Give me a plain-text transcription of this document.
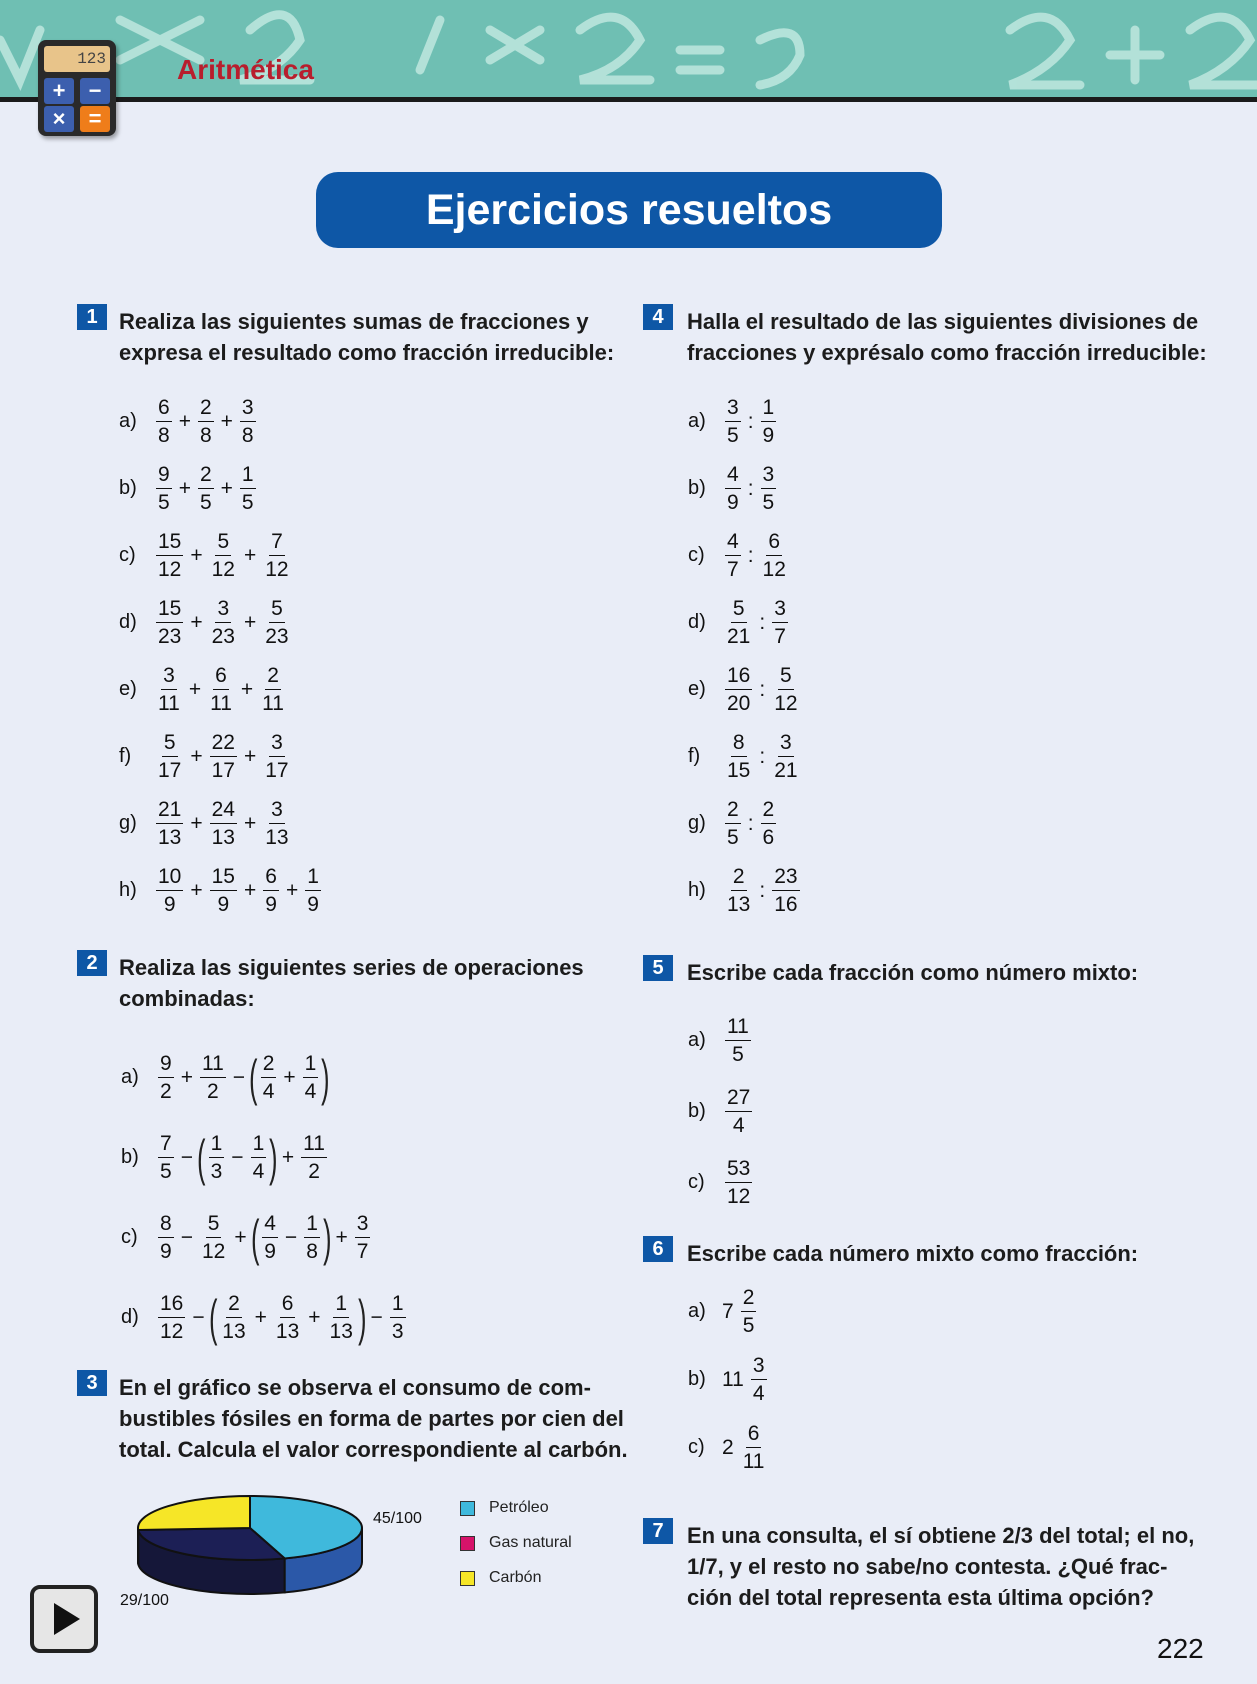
123
+	−
×	=
Aritmética
Ejercicios resueltos
1 Realiza las siguientes sumas de fracciones y
expresa el resultado como fracción irreducible:
$a) \frac{6}{8} + \frac{2}{8} + \frac{3}{8}$
$b) \frac{9}{5} + \frac{2}{5} + \frac{1}{5}$
$c) \frac{15}{12} + \frac{5}{12} + \frac{7}{12}$
$d) \frac{15}{23} + \frac{3}{23} + \frac{5}{23}$
$e) \frac{3}{11} + \frac{6}{11} + \frac{2}{11}$
f)	$\frac{5}{17} + \frac{22}{17} + \frac{3}{17}$
$g) \frac{21}{13} + \frac{24}{13} + \frac{3}{13}$
$h) \frac{10}{9} + \frac{15}{9} + \frac{6}{9} + \frac{1}{9}$
2 Realiza las siguientes series de operaciones
combinadas:
$a) \frac{9}{2} + \frac{11}{2}$ − ( $\frac{2}{4} + \frac{1}{4}$ )
$b) \frac{7}{5}$ − ( $\frac{1}{3} - \frac{1}{4}$ ) + $\frac{11}{2}$
$c) \frac{8}{9} - \frac{5}{12}$ + ( $\frac{4}{9} - \frac{1}{8}$ ) + $\frac{3}{7}$
$d) \frac{16}{12}$ − ( $\frac{2}{13} + \frac{6}{13} + \frac{1}{13}$ ) − $\frac{1}{3}$
3 En el gráfico se observa el consumo de com-
bustibles fósiles en forma de partes por cien del
total. Calcula el valor correspondiente al carbón.
45/100
29/100
Petróleo
Gas natural
Carbón
4	Halla el resultado de las siguientes divisiones de
fracciones y exprésalo como fracción irreducible:
$a) \frac{3}{5}$ : $\frac{1}{9}$
$b) \frac{4}{9}$ : $\frac{3}{5}$
$c) \frac{4}{7}$ : $\frac{6}{12}$
$d) \frac{5}{21}$ : $\frac{3}{7}$
$e) \frac{16}{20}$ : $\frac{5}{12}$
f)	$\frac{8}{15}$ : $\frac{3}{21}$
$g) \frac{2}{5}$ : $\frac{2}{6}$
$h) \frac{2}{13}$ : $\frac{23}{16}$
5	Escribe cada fracción como número mixto:
$a) \frac{11}{5}$
$b) \frac{27}{4}$
$c) \frac{53}{12}$
6	Escribe cada número mixto como fracción:
a) $7 \frac{2}{5}$
b) $11 \frac{3}{4}$
c) $2 \frac{6}{11}$
7	En una consulta, el sí obtiene 2/3 del total; el no,
1/7, y el resto no sabe/no contesta. ¿Qué frac-
ción del total representa esta última opción?
222
